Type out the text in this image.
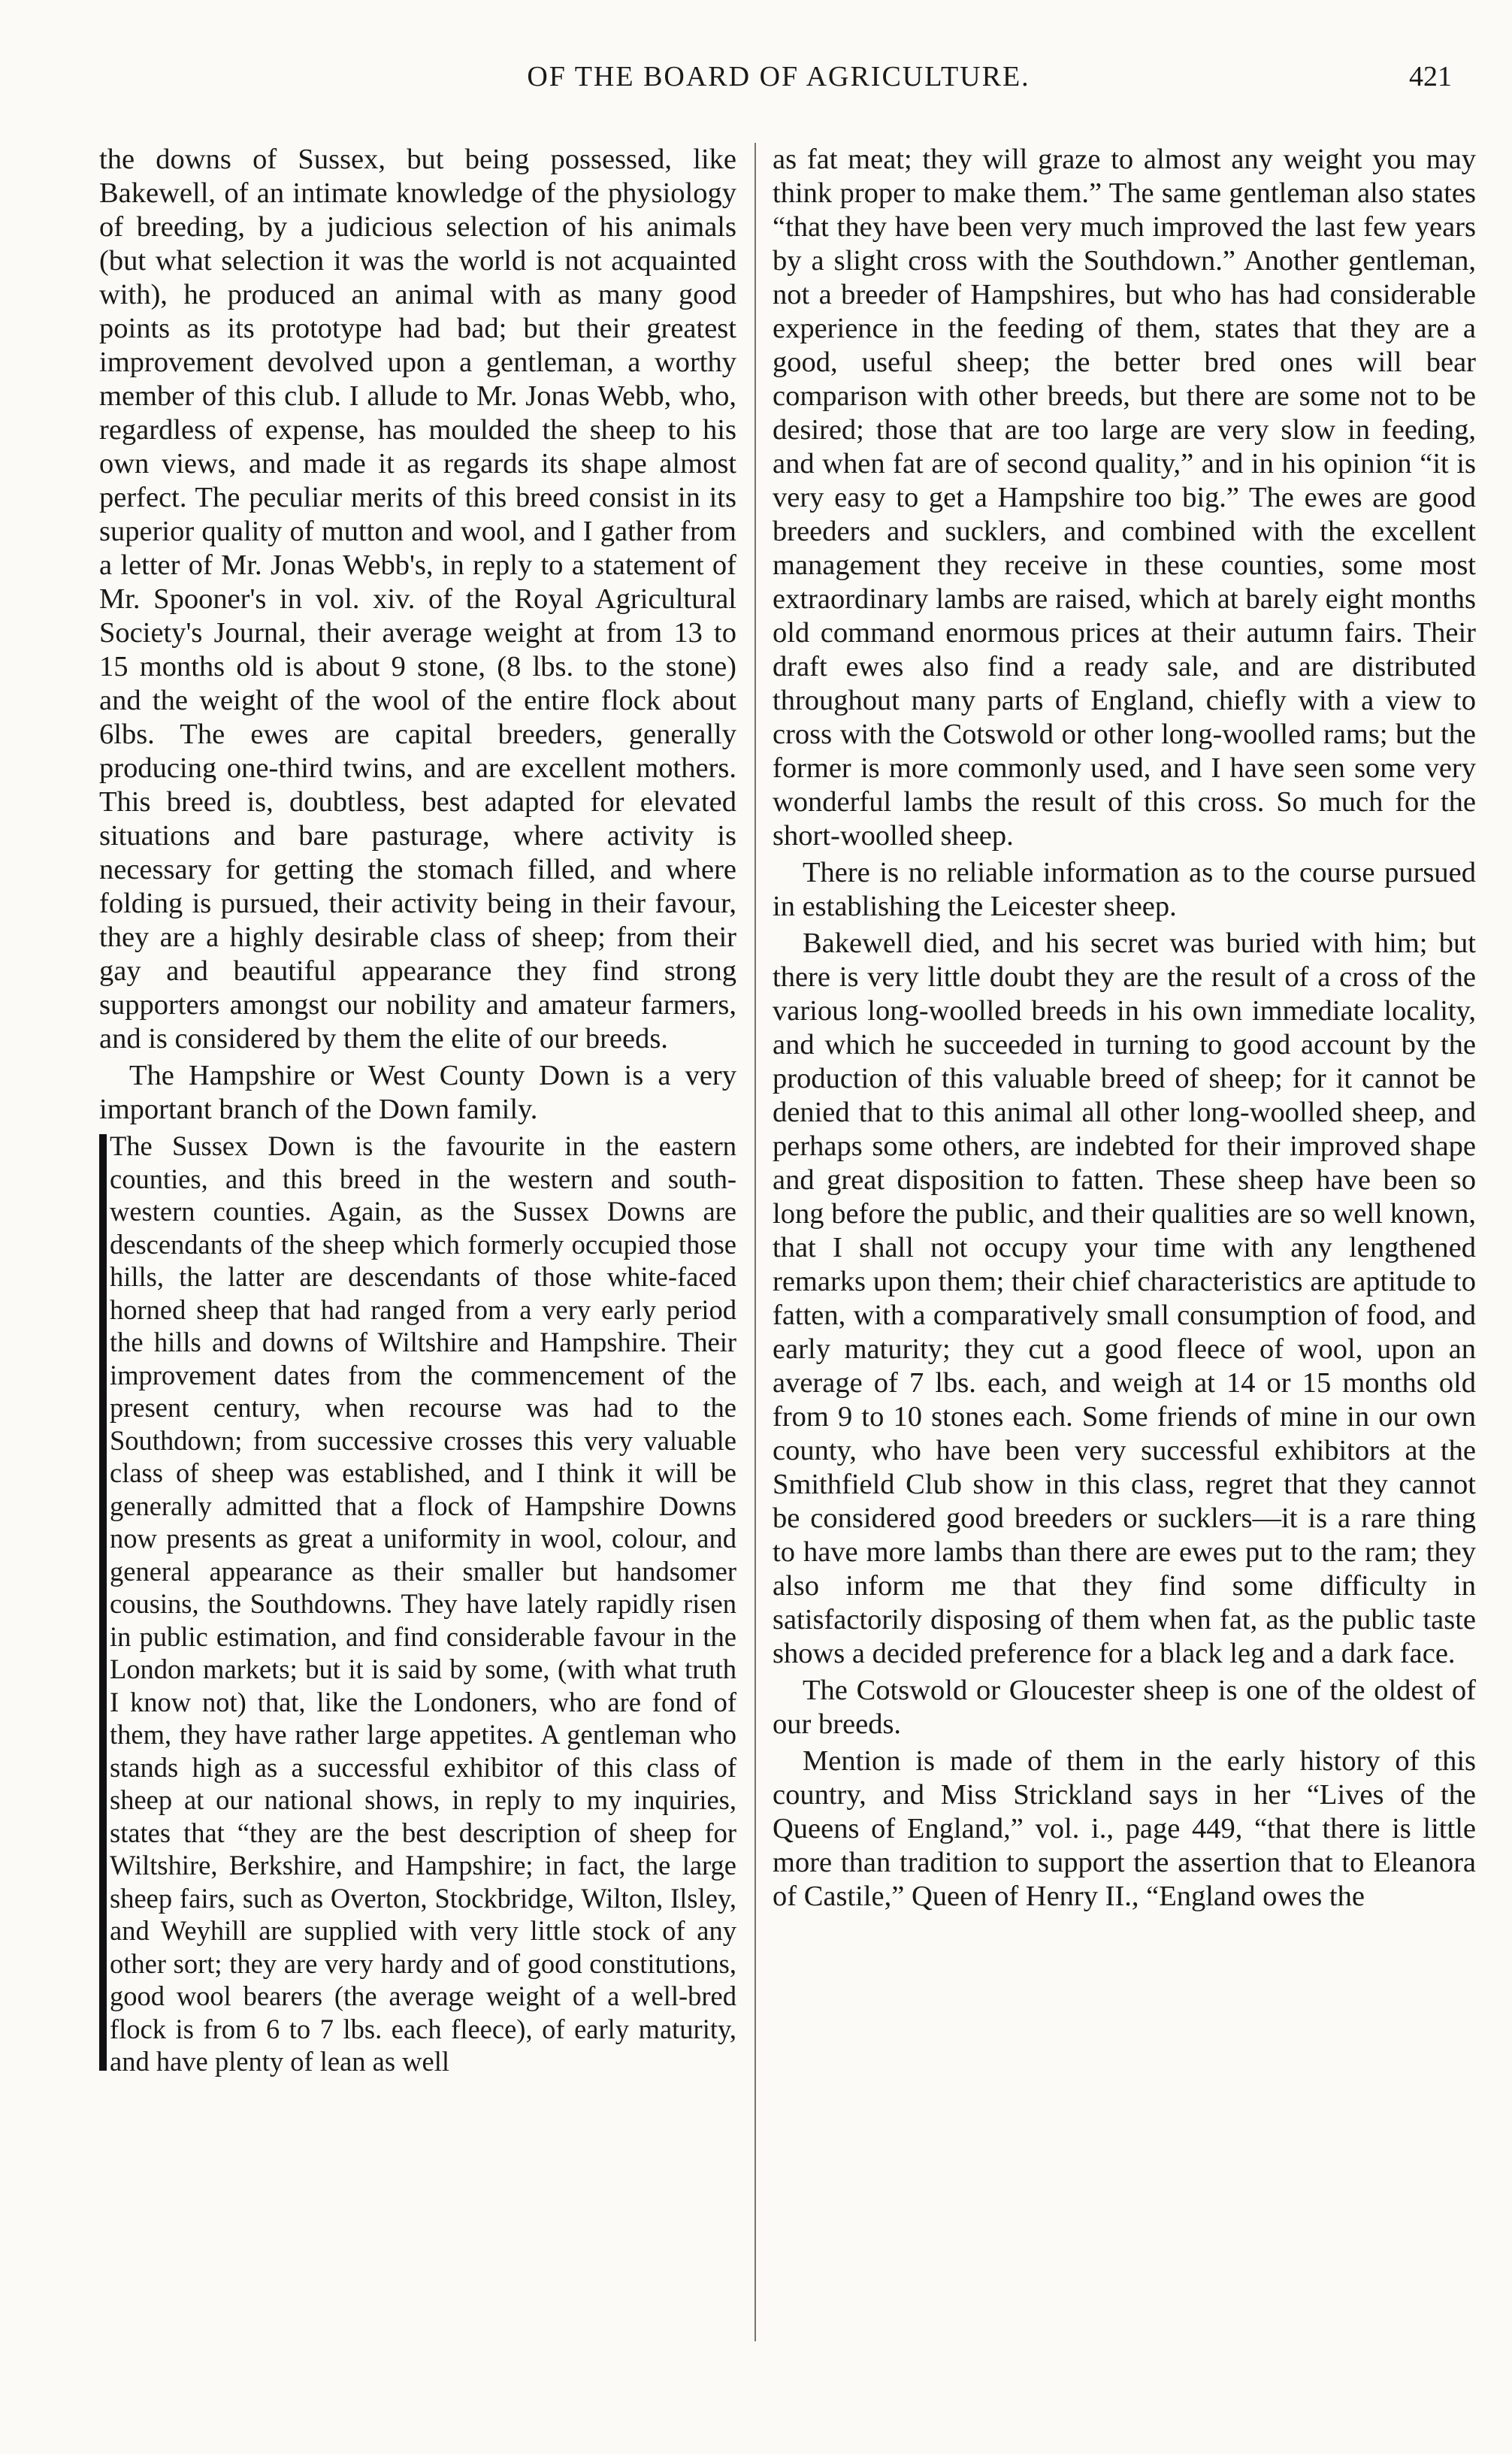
OF THE BOARD OF AGRICULTURE.	421

the downs of Sussex, but being possessed, like Bakewell, of an intimate knowledge of the physiology of breeding, by a judicious selection of his animals (but what selection it was the world is not acquainted with), he produced an animal with as many good points as its prototype had bad; but their greatest improvement devolved upon a gentleman, a worthy member of this club. I allude to Mr. Jonas Webb, who, regardless of expense, has moulded the sheep to his own views, and made it as regards its shape almost perfect. The peculiar merits of this breed consist in its superior quality of mutton and wool, and I gather from a letter of Mr. Jonas Webb's, in reply to a statement of Mr. Spooner's in vol. xiv. of the Royal Agricultural Society's Journal, their average weight at from 13 to 15 months old is about 9 stone, (8 lbs. to the stone) and the weight of the wool of the entire flock about 6lbs. The ewes are capital breeders, generally producing one-third twins, and are excellent mothers. This breed is, doubtless, best adapted for elevated situations and bare pasturage, where activity is necessary for getting the stomach filled, and where folding is pursued, their activity being in their favour, they are a highly desirable class of sheep; from their gay and beautiful appearance they find strong supporters amongst our nobility and amateur farmers, and is considered by them the elite of our breeds.

The Hampshire or West County Down is a very important branch of the Down family.

The Sussex Down is the favourite in the eastern counties, and this breed in the western and south-western counties. Again, as the Sussex Downs are descendants of the sheep which formerly occupied those hills, the latter are descendants of those white-faced horned sheep that had ranged from a very early period the hills and downs of Wiltshire and Hampshire. Their improvement dates from the commencement of the present century, when recourse was had to the Southdown; from successive crosses this very valuable class of sheep was established, and I think it will be generally admitted that a flock of Hampshire Downs now presents as great a uniformity in wool, colour, and general appearance as their smaller but handsomer cousins, the Southdowns. They have lately rapidly risen in public estimation, and find considerable favour in the London markets; but it is said by some, (with what truth I know not) that, like the Londoners, who are fond of them, they have rather large appetites. A gentleman who stands high as a successful exhibitor of this class of sheep at our national shows, in reply to my inquiries, states that “they are the best description of sheep for Wiltshire, Berkshire, and Hampshire; in fact, the large sheep fairs, such as Overton, Stockbridge, Wilton, Ilsley, and Weyhill are supplied with very little stock of any other sort; they are very hardy and of good constitutions, good wool bearers (the average weight of a well-bred flock is from 6 to 7 lbs. each fleece), of early maturity, and have plenty of lean as well

as fat meat; they will graze to almost any weight you may think proper to make them.” The same gentleman also states “that they have been very much improved the last few years by a slight cross with the Southdown.” Another gentleman, not a breeder of Hampshires, but who has had considerable experience in the feeding of them, states that they are a good, useful sheep; the better bred ones will bear comparison with other breeds, but there are some not to be desired; those that are too large are very slow in feeding, and when fat are of second quality,” and in his opinion “it is very easy to get a Hampshire too big.” The ewes are good breeders and sucklers, and combined with the excellent management they receive in these counties, some most extraordinary lambs are raised, which at barely eight months old command enormous prices at their autumn fairs. Their draft ewes also find a ready sale, and are distributed throughout many parts of England, chiefly with a view to cross with the Cotswold or other long-woolled rams; but the former is more commonly used, and I have seen some very wonderful lambs the result of this cross. So much for the short-woolled sheep.

There is no reliable information as to the course pursued in establishing the Leicester sheep.

Bakewell died, and his secret was buried with him; but there is very little doubt they are the result of a cross of the various long-woolled breeds in his own immediate locality, and which he succeeded in turning to good account by the production of this valuable breed of sheep; for it cannot be denied that to this animal all other long-woolled sheep, and perhaps some others, are indebted for their improved shape and great disposition to fatten. These sheep have been so long before the public, and their qualities are so well known, that I shall not occupy your time with any lengthened remarks upon them; their chief characteristics are aptitude to fatten, with a comparatively small consumption of food, and early maturity; they cut a good fleece of wool, upon an average of 7 lbs. each, and weigh at 14 or 15 months old from 9 to 10 stones each. Some friends of mine in our own county, who have been very successful exhibitors at the Smithfield Club show in this class, regret that they cannot be considered good breeders or sucklers—it is a rare thing to have more lambs than there are ewes put to the ram; they also inform me that they find some difficulty in satisfactorily disposing of them when fat, as the public taste shows a decided preference for a black leg and a dark face.

The Cotswold or Gloucester sheep is one of the oldest of our breeds.

Mention is made of them in the early history of this country, and Miss Strickland says in her “Lives of the Queens of England,” vol. i., page 449, “that there is little more than tradition to support the assertion that to Eleanora of Castile,” Queen of Henry II., “England owes the
